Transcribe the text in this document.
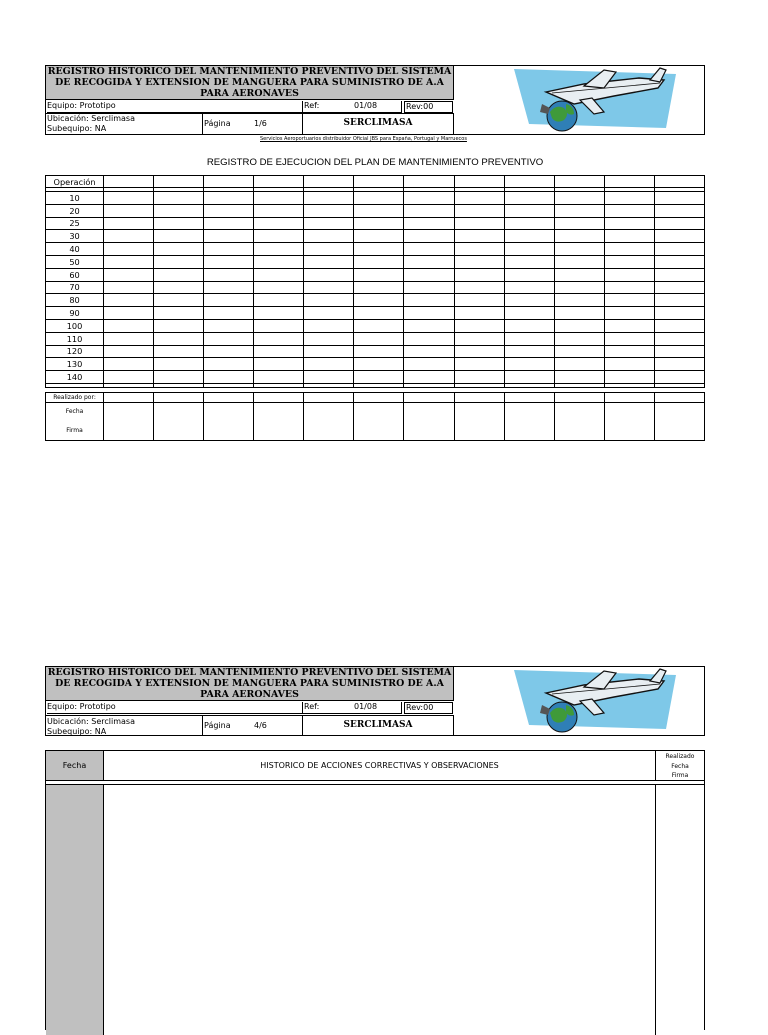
REGISTRO HISTORICO DEL MANTENIMIENTO PREVENTIVO DEL SISTEMA DE RECOGIDA Y EXTENSION DE MANGUERA PARA SUMINISTRO DE A.A PARA AERONAVES
Equipo: Prototipo	Ref:	01/08	Rev:00
Ubicación: Serclimasa
Subequipo: NA
Página	1/6	SERCLIMASA
Servicios Aeroportuarios distribuidor Oficial JBS para España, Portugal y Marruecos
REGISTRO DE EJECUCION DEL PLAN DE MANTENIMIENTO PREVENTIVO
Operación												

10												
20												
25												
30												
40												
50												
60												
70												
80												
90												
100												
110												
120												
130												
140												

Realizado por:
Fecha
Firma

REGISTRO HISTORICO DEL MANTENIMIENTO PREVENTIVO DEL SISTEMA DE RECOGIDA Y EXTENSION DE MANGUERA PARA SUMINISTRO DE A.A PARA AERONAVES
Equipo: Prototipo	Ref:	01/08	Rev:00
Ubicación: Serclimasa
Subequipo: NA
Página	4/6	SERCLIMASA
Fecha	HISTORICO DE ACCIONES CORRECTIVAS Y OBSERVACIONES
Realizado
Fecha
Firma
